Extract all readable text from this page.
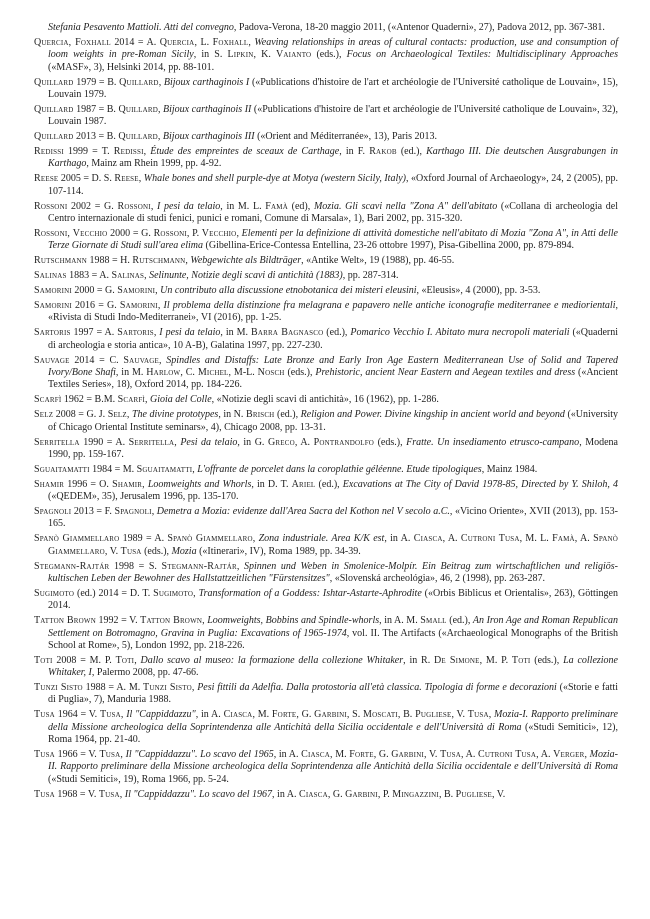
Stefania Pesavento Mattioli. Atti del convegno, Padova-Verona, 18-20 maggio 2011, («Antenor Quaderni», 27), Padova 2012, pp. 367-381.

Quercia, Foxhall 2014 = A. Quercia, L. Foxhall, Weaving relationships in areas of cultural contacts: production, use and consumption of loom weights in pre-Roman Sicily, in S. Lipkin, K. Vaianto (eds.), Focus on Archaeological Textiles: Multidisciplinary Approaches («MASF», 3), Helsinki 2014, pp. 88-101.

Quillard 1979 = B. Quillard, Bijoux carthaginois I («Publications d'histoire de l'art et archéologie de l'Université catholique de Louvain», 15), Louvain 1979.

Quillard 1987 = B. Quillard, Bijoux carthaginois II («Publications d'histoire de l'art et archéologie de l'Université catholique de Louvain», 32), Louvain 1987.

Quillard 2013 = B. Quillard, Bijoux carthaginois III («Orient and Méditerranée», 13), Paris 2013.

Redissi 1999 = T. Redissi, Étude des empreintes de sceaux de Carthage, in F. Rakob (ed.), Karthago III. Die deutschen Ausgrabungen in Karthago, Mainz am Rhein 1999, pp. 4-92.

Reese 2005 = D. S. Reese, Whale bones and shell purple-dye at Motya (western Sicily, Italy), «Oxford Journal of Archaeology», 24, 2 (2005), pp. 107-114.

Rossoni 2002 = G. Rossoni, I pesi da telaio, in M. L. Famà (ed), Mozia. Gli scavi nella "Zona A" dell'abitato («Collana di archeologia del Centro internazionale di studi fenici, punici e romani, Comune di Marsala», 1), Bari 2002, pp. 315-320.

Rossoni, Vecchio 2000 = G. Rossoni, P. Vecchio, Elementi per la definizione di attività domestiche nell'abitato di Mozia "Zona A", in Atti delle Terze Giornate di Studi sull'area elima (Gibellina-Erice-Contessa Entellina, 23-26 ottobre 1997), Pisa-Gibellina 2000, pp. 879-894.

Rutschmann 1988 = H. Rutschmann, Webgewichte als Bildträger, «Antike Welt», 19 (1988), pp. 46-55.

Salinas 1883 = A. Salinas, Selinunte, Notizie degli scavi di antichità (1883), pp. 287-314.

Samorini 2000 = G. Samorini, Un contributo alla discussione etnobotanica dei misteri eleusini, «Eleusis», 4 (2000), pp. 3-53.

Samorini 2016 = G. Samorini, Il problema della distinzione fra melagrana e papavero nelle antiche iconografie mediterranee e mediorientali, «Rivista di Studi Indo-Mediterranei», VI (2016), pp. 1-25.

Sartoris 1997 = A. Sartoris, I pesi da telaio, in M. Barra Bagnasco (ed.), Pomarico Vecchio I. Abitato mura necropoli materiali («Quaderni di archeologia e storia antica», 10 A-B), Galatina 1997, pp. 227-230.

Sauvage 2014 = C. Sauvage, Spindles and Distaffs: Late Bronze and Early Iron Age Eastern Mediterranean Use of Solid and Tapered Ivory/Bone Shafi, in M. Harlow, C. Michel, M-L. Nosch (eds.), Prehistoric, ancient Near Eastern and Aegean textiles and dress («Ancient Textiles Series», 18), Oxford 2014, pp. 184-226.

Scarfì 1962 = B.M. Scarfì, Gioia del Colle, «Notizie degli scavi di antichità», 16 (1962), pp. 1-286.

Selz 2008 = G. J. Selz, The divine prototypes, in N. Brisch (ed.), Religion and Power. Divine kingship in ancient world and beyond («University of Chicago Oriental Institute seminars», 4), Chicago 2008, pp. 13-31.

Serritella 1990 = A. Serritella, Pesi da telaio, in G. Greco, A. Pontrandolfo (eds.), Fratte. Un insediamento etrusco-campano, Modena 1990, pp. 159-167.

Sguaitamatti 1984 = M. Sguaitamatti, L'offrante de porcelet dans la coroplathie géléenne. Etude tipologiques, Mainz 1984.

Shamir 1996 = O. Shamir, Loomweights and Whorls, in D. T. Ariel (ed.), Excavations at The City of David 1978-85, Directed by Y. Shiloh, 4 («QEDEM», 35), Jerusalem 1996, pp. 135-170.

Spagnoli 2013 = F. Spagnoli, Demetra a Mozia: evidenze dall'Area Sacra del Kothon nel V secolo a.C., «Vicino Oriente», XVII (2013), pp. 153-165.

Spanò Giammellaro 1989 = A. Spanò Giammellaro, Zona industriale. Area K/K est, in A. Ciasca, A. Cutroni Tusa, M. L. Famà, A. Spanò Giammellaro, V. Tusa (eds.), Mozia («Itinerari», IV), Roma 1989, pp. 34-39.

Stegmann-Rajtár 1998 = S. Stegmann-Rajtár, Spinnen und Weben in Smolenice-Molpír. Ein Beitrag zum wirtschaftlichen und religiös-kultischen Leben der Bewohner des Hallstattzeitlichen "Fürstensitzes", «Slovenská archeológia», 46, 2 (1998), pp. 263-287.

Sugimoto (ed.) 2014 = D. T. Sugimoto, Transformation of a Goddess: Ishtar-Astarte-Aphrodite («Orbis Biblicus et Orientalis», 263), Göttingen 2014.

Tatton Brown 1992 = V. Tatton Brown, Loomweights, Bobbins and Spindle-whorls, in A. M. Small (ed.), An Iron Age and Roman Republican Settlement on Botromagno, Gravina in Puglia: Excavations of 1965-1974, vol. II. The Artifacts («Archaeological Monographs of the British School at Rome», 5), London 1992, pp. 218-226.

Toti 2008 = M. P. Toti, Dallo scavo al museo: la formazione della collezione Whitaker, in R. De Simone, M. P. Toti (eds.), La collezione Whitaker, I, Palermo 2008, pp. 47-66.

Tunzi Sisto 1988 = A. M. Tunzi Sisto, Pesi fittili da Adelfia. Dalla protostoria all'età classica. Tipologia di forme e decorazioni («Storie e fatti di Puglia», 7), Manduria 1988.

Tusa 1964 = V. Tusa, Il "Cappiddazzu", in A. Ciasca, M. Forte, G. Garbini, S. Moscati, B. Pugliese, V. Tusa, Mozia-I. Rapporto preliminare della Missione archeologica della Soprintendenza alle Antichità della Sicilia occidentale e dell'Università di Roma («Studi Semitici», 12), Roma 1964, pp. 21-40.

Tusa 1966 = V. Tusa, Il "Cappiddazzu". Lo scavo del 1965, in A. Ciasca, M. Forte, G. Garbini, V. Tusa, A. Cutroni Tusa, A. Verger, Mozia-II. Rapporto preliminare della Missione archeologica della Soprintendenza alle Antichità della Sicilia occidentale e dell'Università di Roma («Studi Semitici», 19), Roma 1966, pp. 5-24.

Tusa 1968 = V. Tusa, Il "Cappiddazzu". Lo scavo del 1967, in A. Ciasca, G. Garbini, P. Mingazzini, B. Pugliese, V.
